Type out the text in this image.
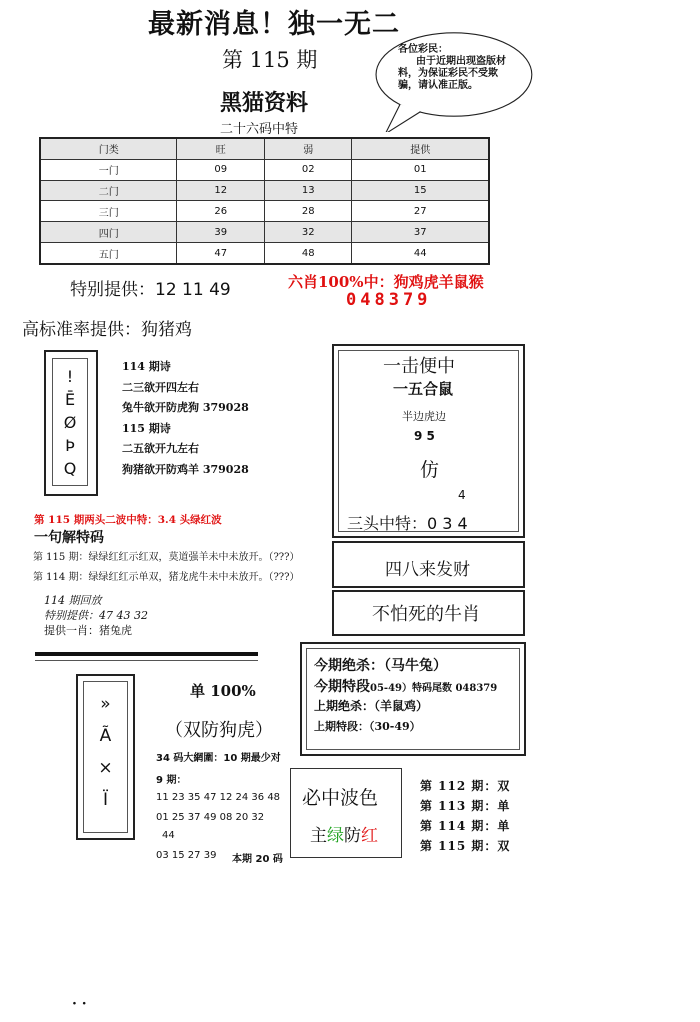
最新消息！独一无二
第 115 期
黑猫资料
二十六码中特
各位彩民：
由于近期出现盗版材料，为保证彩民不受欺骗，请认准正版。
门类	旺	弱	提供
一门	09	02	01
二门	12	13	15
三门	26	28	27
四门	39	32	37
五门	47	48	44
特别提供：12 11 49	六肖100%中：狗鸡虎羊鼠猴
048379
高标准率提供：狗猪鸡
!
Ē
Ø
Þ
Q
114 期诗
二三欲开四左右
兔牛欲开防虎狗 379028
115 期诗
二五欲开九左右
狗猪欲开防鸡羊 379028
第 115 期两头二波中特：3.4 头绿红波
一句解特码
第 115 期：绿绿红红示红双，莫道强羊未中未放开。（???）
第 114 期：绿绿红红示单双，猪龙虎牛未中未放开。（???）
114 期回放
特别提供：47 43 32
提供一肖：猪兔虎
一击便中
一五合鼠
半边虎边
9 5
仿
4
三头中特：0 3 4
四八来发财
不怕死的牛肖
»
Ã
⨯
Ï
单 100%
（双防狗虎）
34 码大網圍：10 期最少对
9 期：
11 23 35 47 12 24 36 48
01 25 37 49 08 20 32
44
03 15 27 39 本期 20 码
今期绝杀：（马牛兔）
今期特段05-49）特码尾数 048379
上期绝杀：（羊鼠鸡）
上期特段：（30-49）
必中波色
主绿防红
第 112 期：双
第 113 期：单
第 114 期：单
第 115 期：双
· ·
